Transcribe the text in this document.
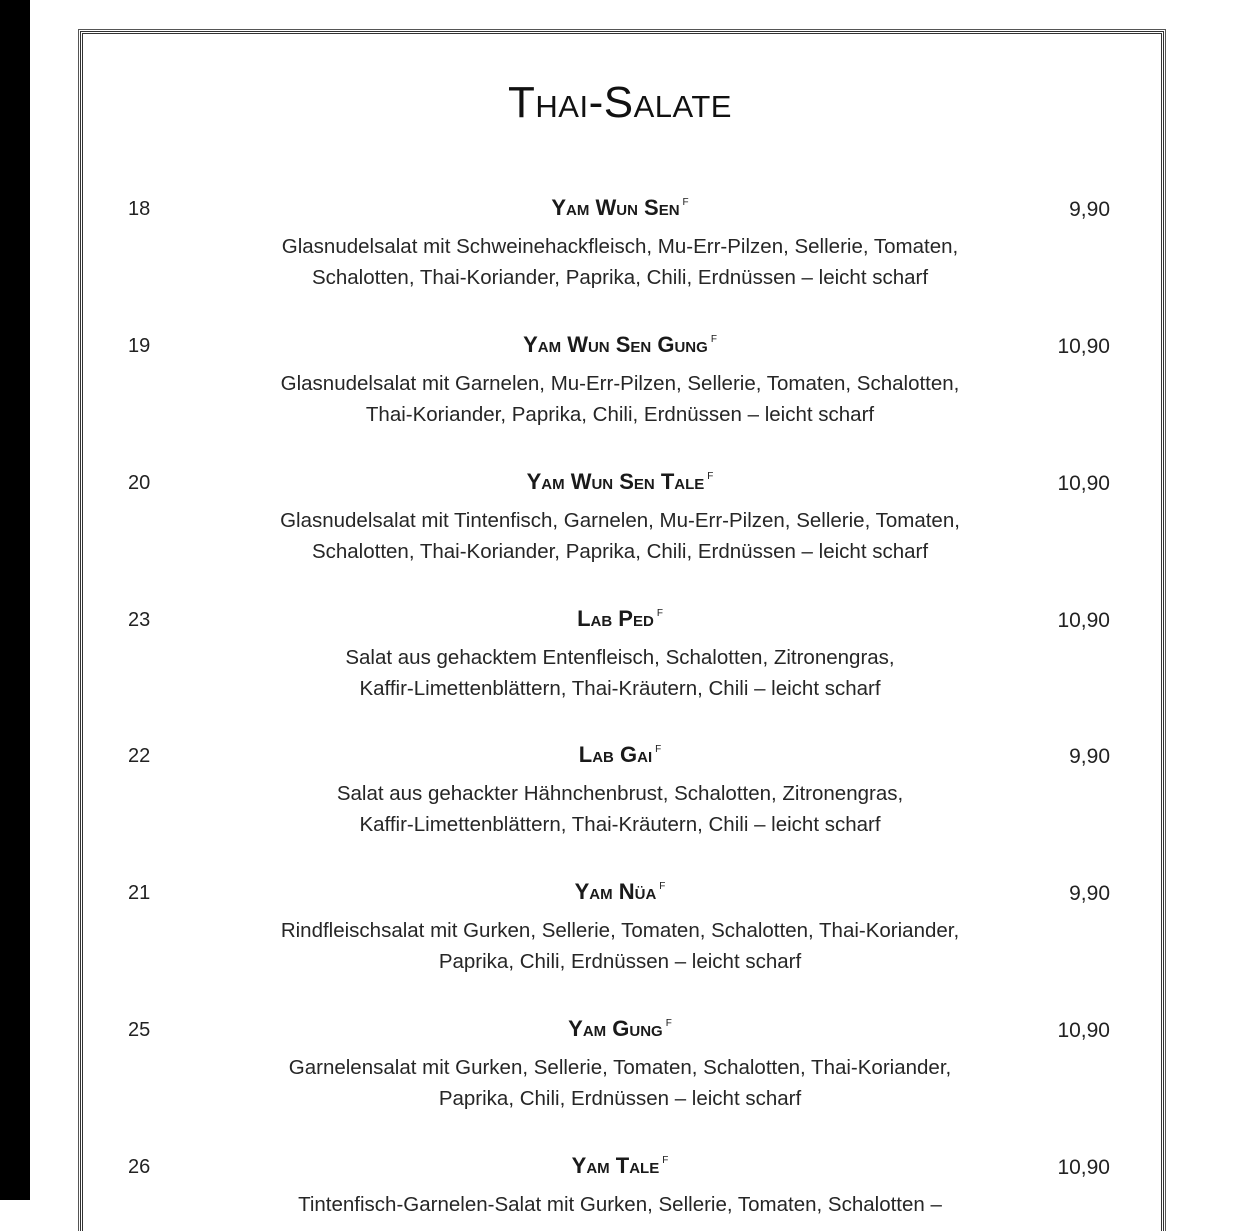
Thai-Salate
18	Yam Wun Sen $^F$	9,90
Glasnudelsalat mit Schweinehackfleisch, Mu-Err-Pilzen, Sellerie, Tomaten,
Schalotten, Thai-Koriander, Paprika, Chili, Erdnüssen – leicht scharf
19	Yam Wun Sen Gung $^F$	10,90
Glasnudelsalat mit Garnelen, Mu-Err-Pilzen, Sellerie, Tomaten, Schalotten,
Thai-Koriander, Paprika, Chili, Erdnüssen – leicht scharf
20	Yam Wun Sen Tale $^F$	10,90
Glasnudelsalat mit Tintenfisch, Garnelen, Mu-Err-Pilzen, Sellerie, Tomaten,
Schalotten, Thai-Koriander, Paprika, Chili, Erdnüssen – leicht scharf
23	Lab Ped $^F$	10,90
Salat aus gehacktem Entenfleisch, Schalotten, Zitronengras,
Kaffir-Limettenblättern, Thai-Kräutern, Chili – leicht scharf
22	Lab Gai $^F$	9,90
Salat aus gehackter Hähnchenbrust, Schalotten, Zitronengras,
Kaffir-Limettenblättern, Thai-Kräutern, Chili – leicht scharf
21	Yam Nüa $^F$	9,90
Rindfleischsalat mit Gurken, Sellerie, Tomaten, Schalotten, Thai-Koriander,
Paprika, Chili, Erdnüssen – leicht scharf
25	Yam Gung $^F$	10,90
Garnelensalat mit Gurken, Sellerie, Tomaten, Schalotten, Thai-Koriander,
Paprika, Chili, Erdnüssen – leicht scharf
26	Yam Tale $^F$	10,90
Tintenfisch-Garnelen-Salat mit Gurken, Sellerie, Tomaten, Schalotten –
